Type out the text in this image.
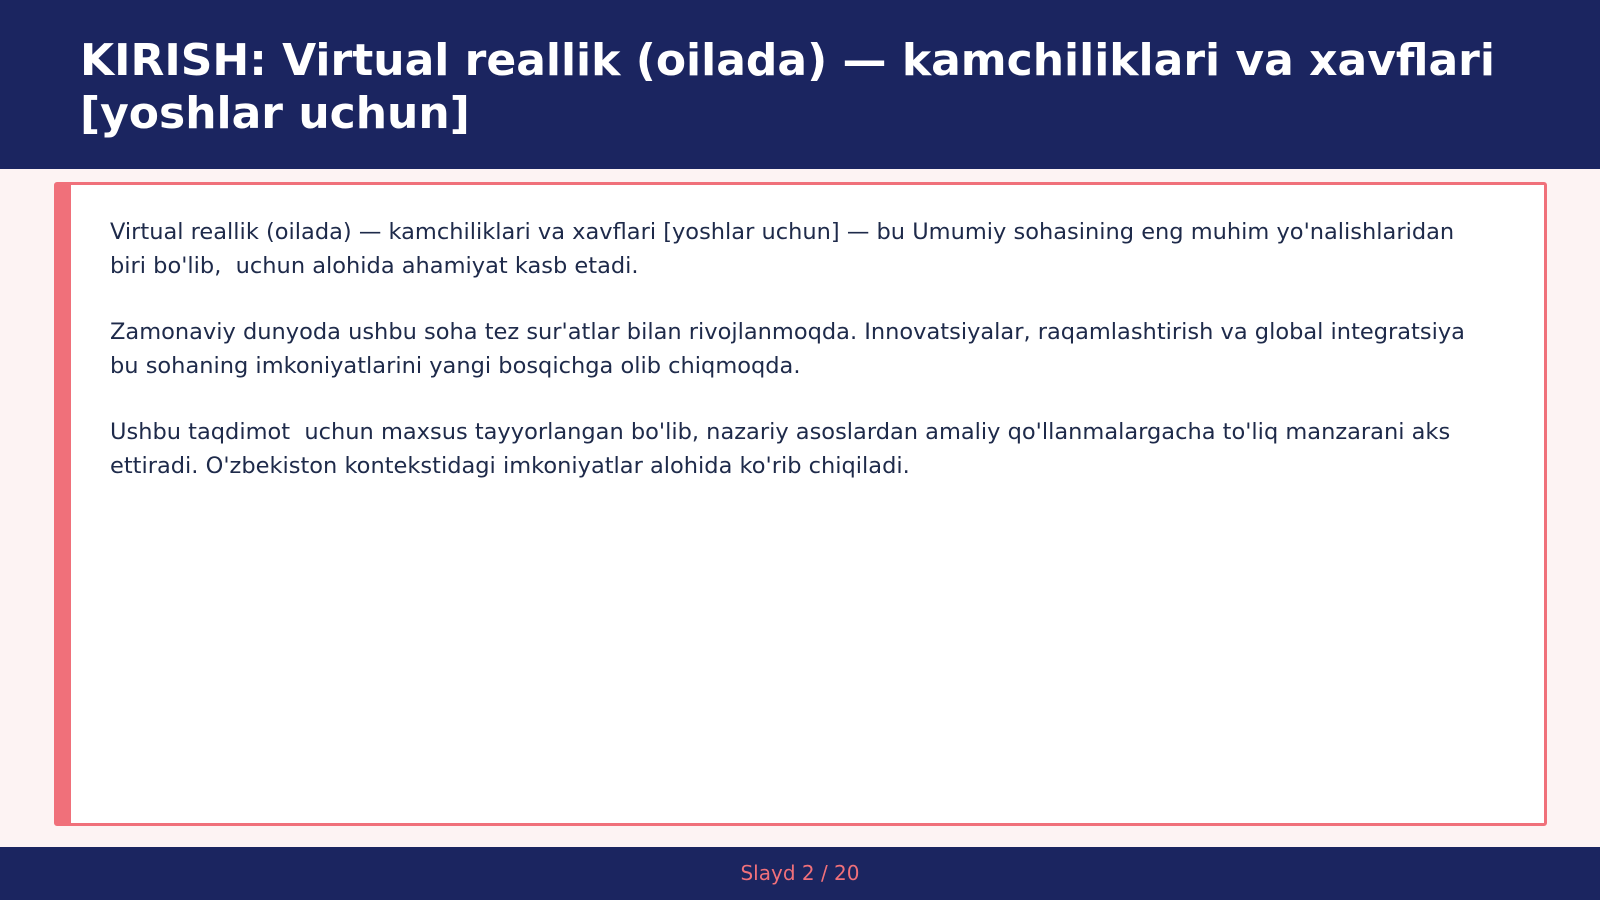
KIRISH: Virtual reallik (oilada) — kamchiliklari va xavflari [yoshlar uchun]

Virtual reallik (oilada) — kamchiliklari va xavflari [yoshlar uchun] — bu Umumiy sohasining eng muhim yo'nalishlaridan biri bo'lib,  uchun alohida ahamiyat kasb etadi.

Zamonaviy dunyoda ushbu soha tez sur'atlar bilan rivojlanmoqda. Innovatsiyalar, raqamlashtirish va global integratsiya bu sohaning imkoniyatlarini yangi bosqichga olib chiqmoqda.

Ushbu taqdimot  uchun maxsus tayyorlangan bo'lib, nazariy asoslardan amaliy qo'llanmalargacha to'liq manzarani aks ettiradi. O'zbekiston kontekstidagi imkoniyatlar alohida ko'rib chiqiladi.

Slayd 2 / 20
